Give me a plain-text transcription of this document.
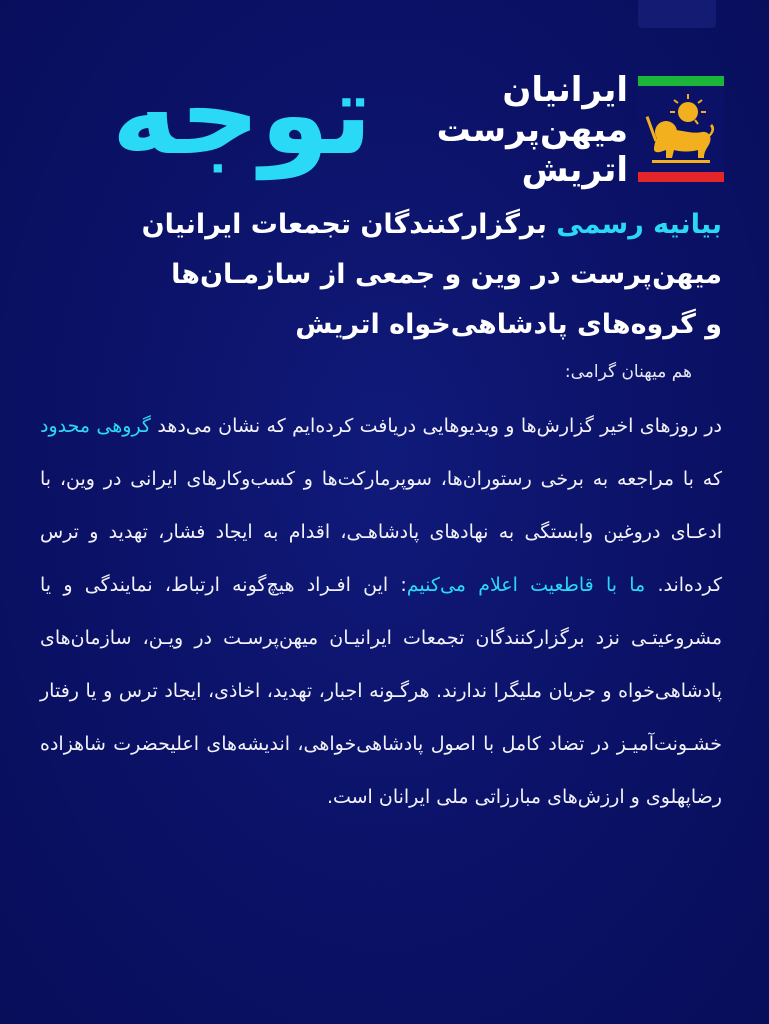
توجه	ایرانیان
میهن‌پرست
اتریش
بیانیه رسمی برگزارکنندگان تجمعات ایرانیان
میهن‌پرست در وین و جمعی از سازمـان‌ها
و گروه‌های پادشاهی‌خواه اتریش
هم میهنان گرامی:
در روزهای اخیر گزارش‌ها و ویدیوهایی دریافت کرده‌ایم که نشان می‌دهد گروهی محدود که با مراجعه به برخی رستوران‌ها، سوپرمارکت‌ها و کسب‌وکارهای ایرانی در وین، با ادعـای دروغین وابستگی به نهادهای پادشاهـی، اقدام به ایجاد فشار، تهدید و ترس کرده‌اند. ما با قاطعیت اعلام می‌کنیم: این افـراد هیچ‌گونه ارتباط، نمایندگی و یا مشروعیتـی نزد برگزارکنندگان تجمعات ایرانیـان میهن‌پرسـت در ویـن، سازمان‌های پادشاهی‌خواه و جریان ملیگرا ندارند. هرگـونه اجبار، تهدید، اخاذی، ایجاد ترس و یا رفتار خشـونت‌آمیـز در تضاد کامل با اصول پادشاهی‌خواهی، اندیشه‌های اعلیحضرت شاهزاده رضاپهلوی و ارزش‌های مبارزاتی ملی ایرانان است.
